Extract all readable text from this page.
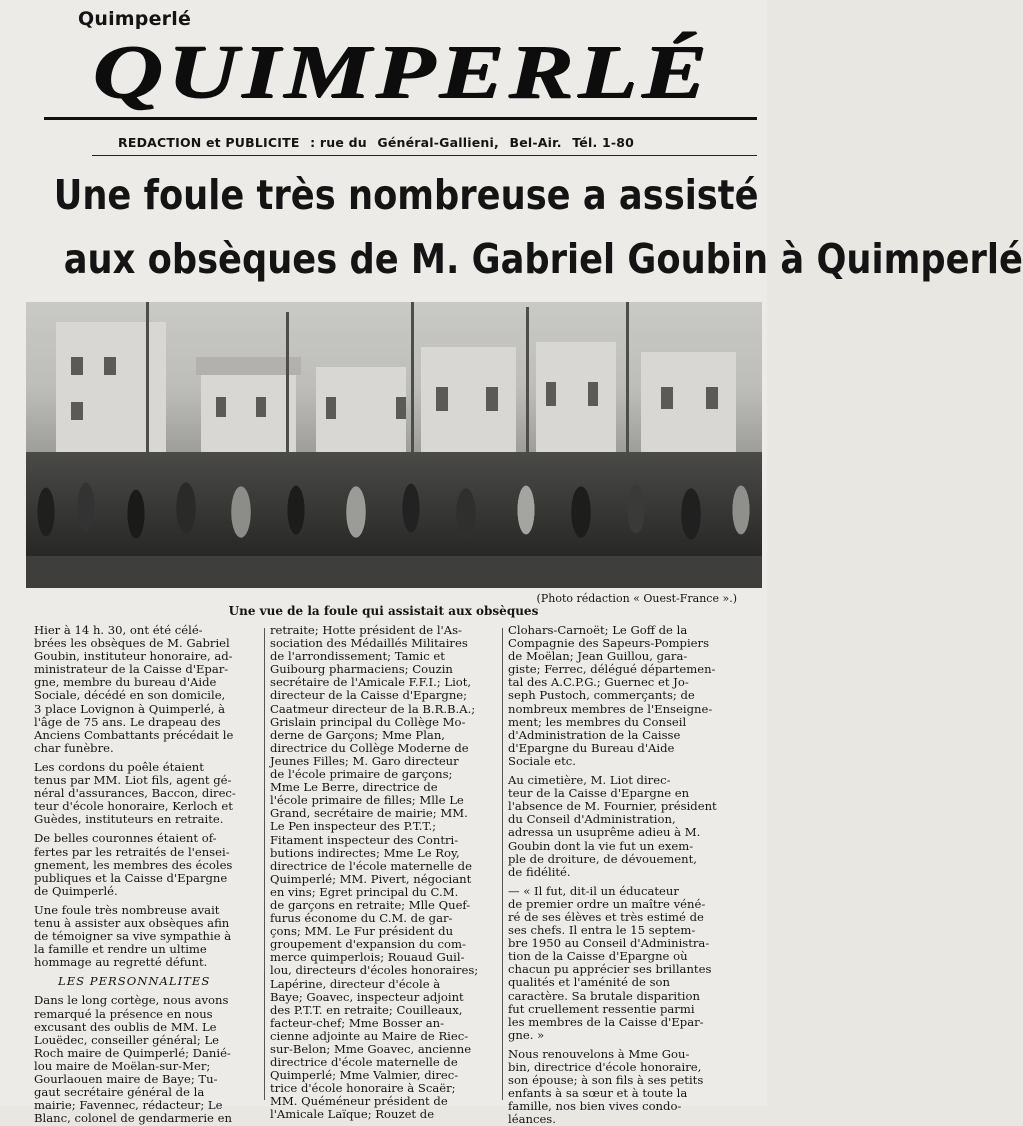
Quimperlé
QUIMPERLÉ
REDACTION et PUBLICITE : rue du Général-Gallieni, Bel-Air. Tél. 1-80
Une foule très nombreuse a assisté
aux obsèques de M. Gabriel Goubin à Quimperlé
(Photo rédaction « Ouest-France ».)
Une vue de la foule qui assistait aux obsèques
Hier à 14 h. 30, ont été célé-
brées les obsèques de M. Gabriel
Goubin, instituteur honoraire, ad-
ministrateur de la Caisse d'Epar-
gne, membre du bureau d'Aide
Sociale, décédé en son domicile,
3 place Lovignon à Quimperlé, à
l'âge de 75 ans. Le drapeau des
Anciens Combattants précédait le
char funèbre.
Les cordons du poêle étaient
tenus par MM. Liot fils, agent gé-
néral d'assurances, Baccon, direc-
teur d'école honoraire, Kerloch et
Guèdes, instituteurs en retraite.
De belles couronnes étaient of-
fertes par les retraités de l'ensei-
gnement, les membres des écoles
publiques et la Caisse d'Epargne
de Quimperlé.
Une foule très nombreuse avait
tenu à assister aux obsèques afin
de témoigner sa vive sympathie à
la famille et rendre un ultime
hommage au regretté défunt.
LES PERSONNALITES
Dans le long cortège, nous avons
remarqué la présence en nous
excusant des oublis de MM. Le
Louëdec, conseiller général; Le
Roch maire de Quimperlé; Danié-
lou maire de Moëlan-sur-Mer;
Gourlaouen maire de Baye; Tu-
gaut secrétaire général de la
mairie; Favennec, rédacteur; Le
Blanc, colonel de gendarmerie en
retraite; Hotte président de l'As-
sociation des Médaillés Militaires
de l'arrondissement; Tamic et
Guibourg pharmaciens; Couzin
secrétaire de l'Amicale F.F.I.; Liot,
directeur de la Caisse d'Epargne;
Caatmeur directeur de la B.R.B.A.;
Grislain principal du Collège Mo-
derne de Garçons; Mme Plan,
directrice du Collège Moderne de
Jeunes Filles; M. Garo directeur
de l'école primaire de garçons;
Mme Le Berre, directrice de
l'école primaire de filles; Mlle Le
Grand, secrétaire de mairie; MM.
Le Pen inspecteur des P.T.T.;
Fitament inspecteur des Contri-
butions indirectes; Mme Le Roy,
directrice de l'école maternelle de
Quimperlé; MM. Pivert, négociant
en vins; Egret principal du C.M.
de garçons en retraite; Mlle Quef-
furus économe du C.M. de gar-
çons; MM. Le Fur président du
groupement d'expansion du com-
merce quimperlois; Rouaud Guil-
lou, directeurs d'écoles honoraires;
Lapérine, directeur d'école à
Baye; Goavec, inspecteur adjoint
des P.T.T. en retraite; Couilleaux,
facteur-chef; Mme Bosser an-
cienne adjointe au Maire de Riec-
sur-Belon; Mme Goavec, ancienne
directrice d'école maternelle de
Quimperlé; Mme Valmier, direc-
trice d'école honoraire à Scaër;
MM. Quéméneur président de
l'Amicale Laïque; Rouzet de
Clohars-Carnoët; Le Goff de la
Compagnie des Sapeurs-Pompiers
de Moëlan; Jean Guillou, gara-
giste; Ferrec, délégué départemen-
tal des A.C.P.G.; Guernec et Jo-
seph Pustoch, commerçants; de
nombreux membres de l'Enseigne-
ment; les membres du Conseil
d'Administration de la Caisse
d'Epargne du Bureau d'Aide
Sociale etc.
Au cimetière, M. Liot direc-
teur de la Caisse d'Epargne en
l'absence de M. Fournier, président
du Conseil d'Administration,
adressa un usuprême adieu à M.
Goubin dont la vie fut un exem-
ple de droiture, de dévouement,
de fidélité.
— « Il fut, dit-il un éducateur
de premier ordre un maître véné-
ré de ses élèves et très estimé de
ses chefs. Il entra le 15 septem-
bre 1950 au Conseil d'Administra-
tion de la Caisse d'Epargne où
chacun pu apprécier ses brillantes
qualités et l'aménité de son
caractère. Sa brutale disparition
fut cruellement ressentie parmi
les membres de la Caisse d'Epar-
gne. »
Nous renouvelons à Mme Gou-
bin, directrice d'école honoraire,
son épouse; à son fils à ses petits
enfants à sa sœur et à toute la
famille, nos bien vives condo-
léances.
